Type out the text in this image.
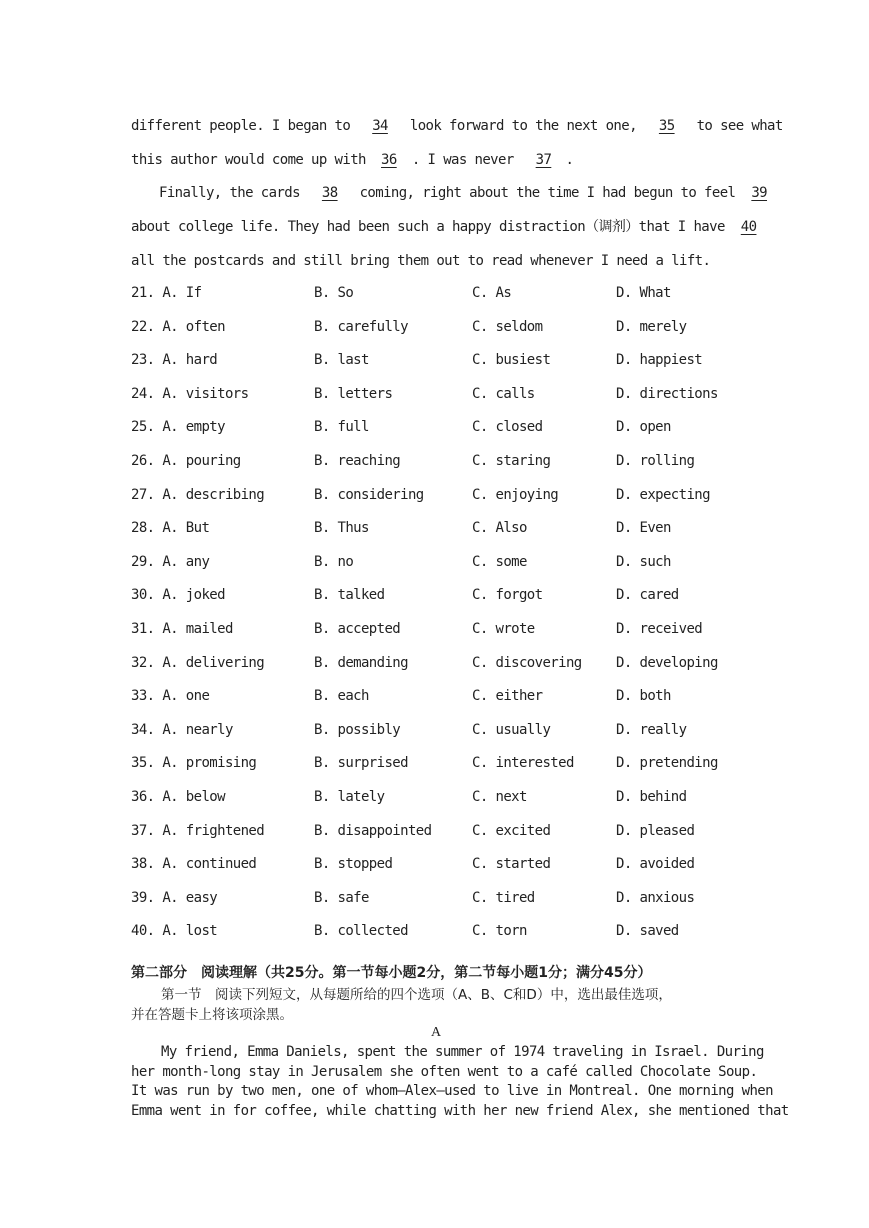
different people. I began to 34 look forward to the next one, 35 to see what
this author would come up with 36 . I was never 37 .
Finally, the cards 38 coming, right about the time I had begun to feel 39
about college life. They had been such a happy distraction（调剂）that I have 40
all the postcards and still bring them out to read whenever I need a lift.
21. A. If	B. So	C. As	D. What
22. A. often	B. carefully	C. seldom	D. merely
23. A. hard	B. last	C. busiest	D. happiest
24. A. visitors	B. letters	C. calls	D. directions
25. A. empty	B. full	C. closed	D. open
26. A. pouring	B. reaching	C. staring	D. rolling
27. A. describing	B. considering	C. enjoying	D. expecting
28. A. But	B. Thus	C. Also	D. Even
29. A. any	B. no	C. some	D. such
30. A. joked	B. talked	C. forgot	D. cared
31. A. mailed	B. accepted	C. wrote	D. received
32. A. delivering	B. demanding	C. discovering D. developing
33. A. one	B. each	C. either	D. both
34. A. nearly	B. possibly	C. usually	D. really
35. A. promising	B. surprised	C. interested	D. pretending
36. A. below	B. lately	C. next	D. behind
37. A. frightened	B. disappointed	C. excited	D. pleased
38. A. continued	B. stopped	C. started	D. avoided
39. A. easy	B. safe	C. tired	D. anxious
40. A. lost	B. collected	C. torn	D. saved
第二部分　阅读理解（共25分。第一节每小题2分，第二节每小题1分；满分45分）
第一节　阅读下列短文，从每题所给的四个选项（A、B、C和D）中，选出最佳选项，
并在答题卡上将该项涂黑。
A
My friend, Emma Daniels, spent the summer of 1974 traveling in Israel. During
her month-long stay in Jerusalem she often went to a café called Chocolate Soup.
It was run by two men, one of whom—Alex—used to live in Montreal. One morning when
Emma went in for coffee, while chatting with her new friend Alex, she mentioned that
